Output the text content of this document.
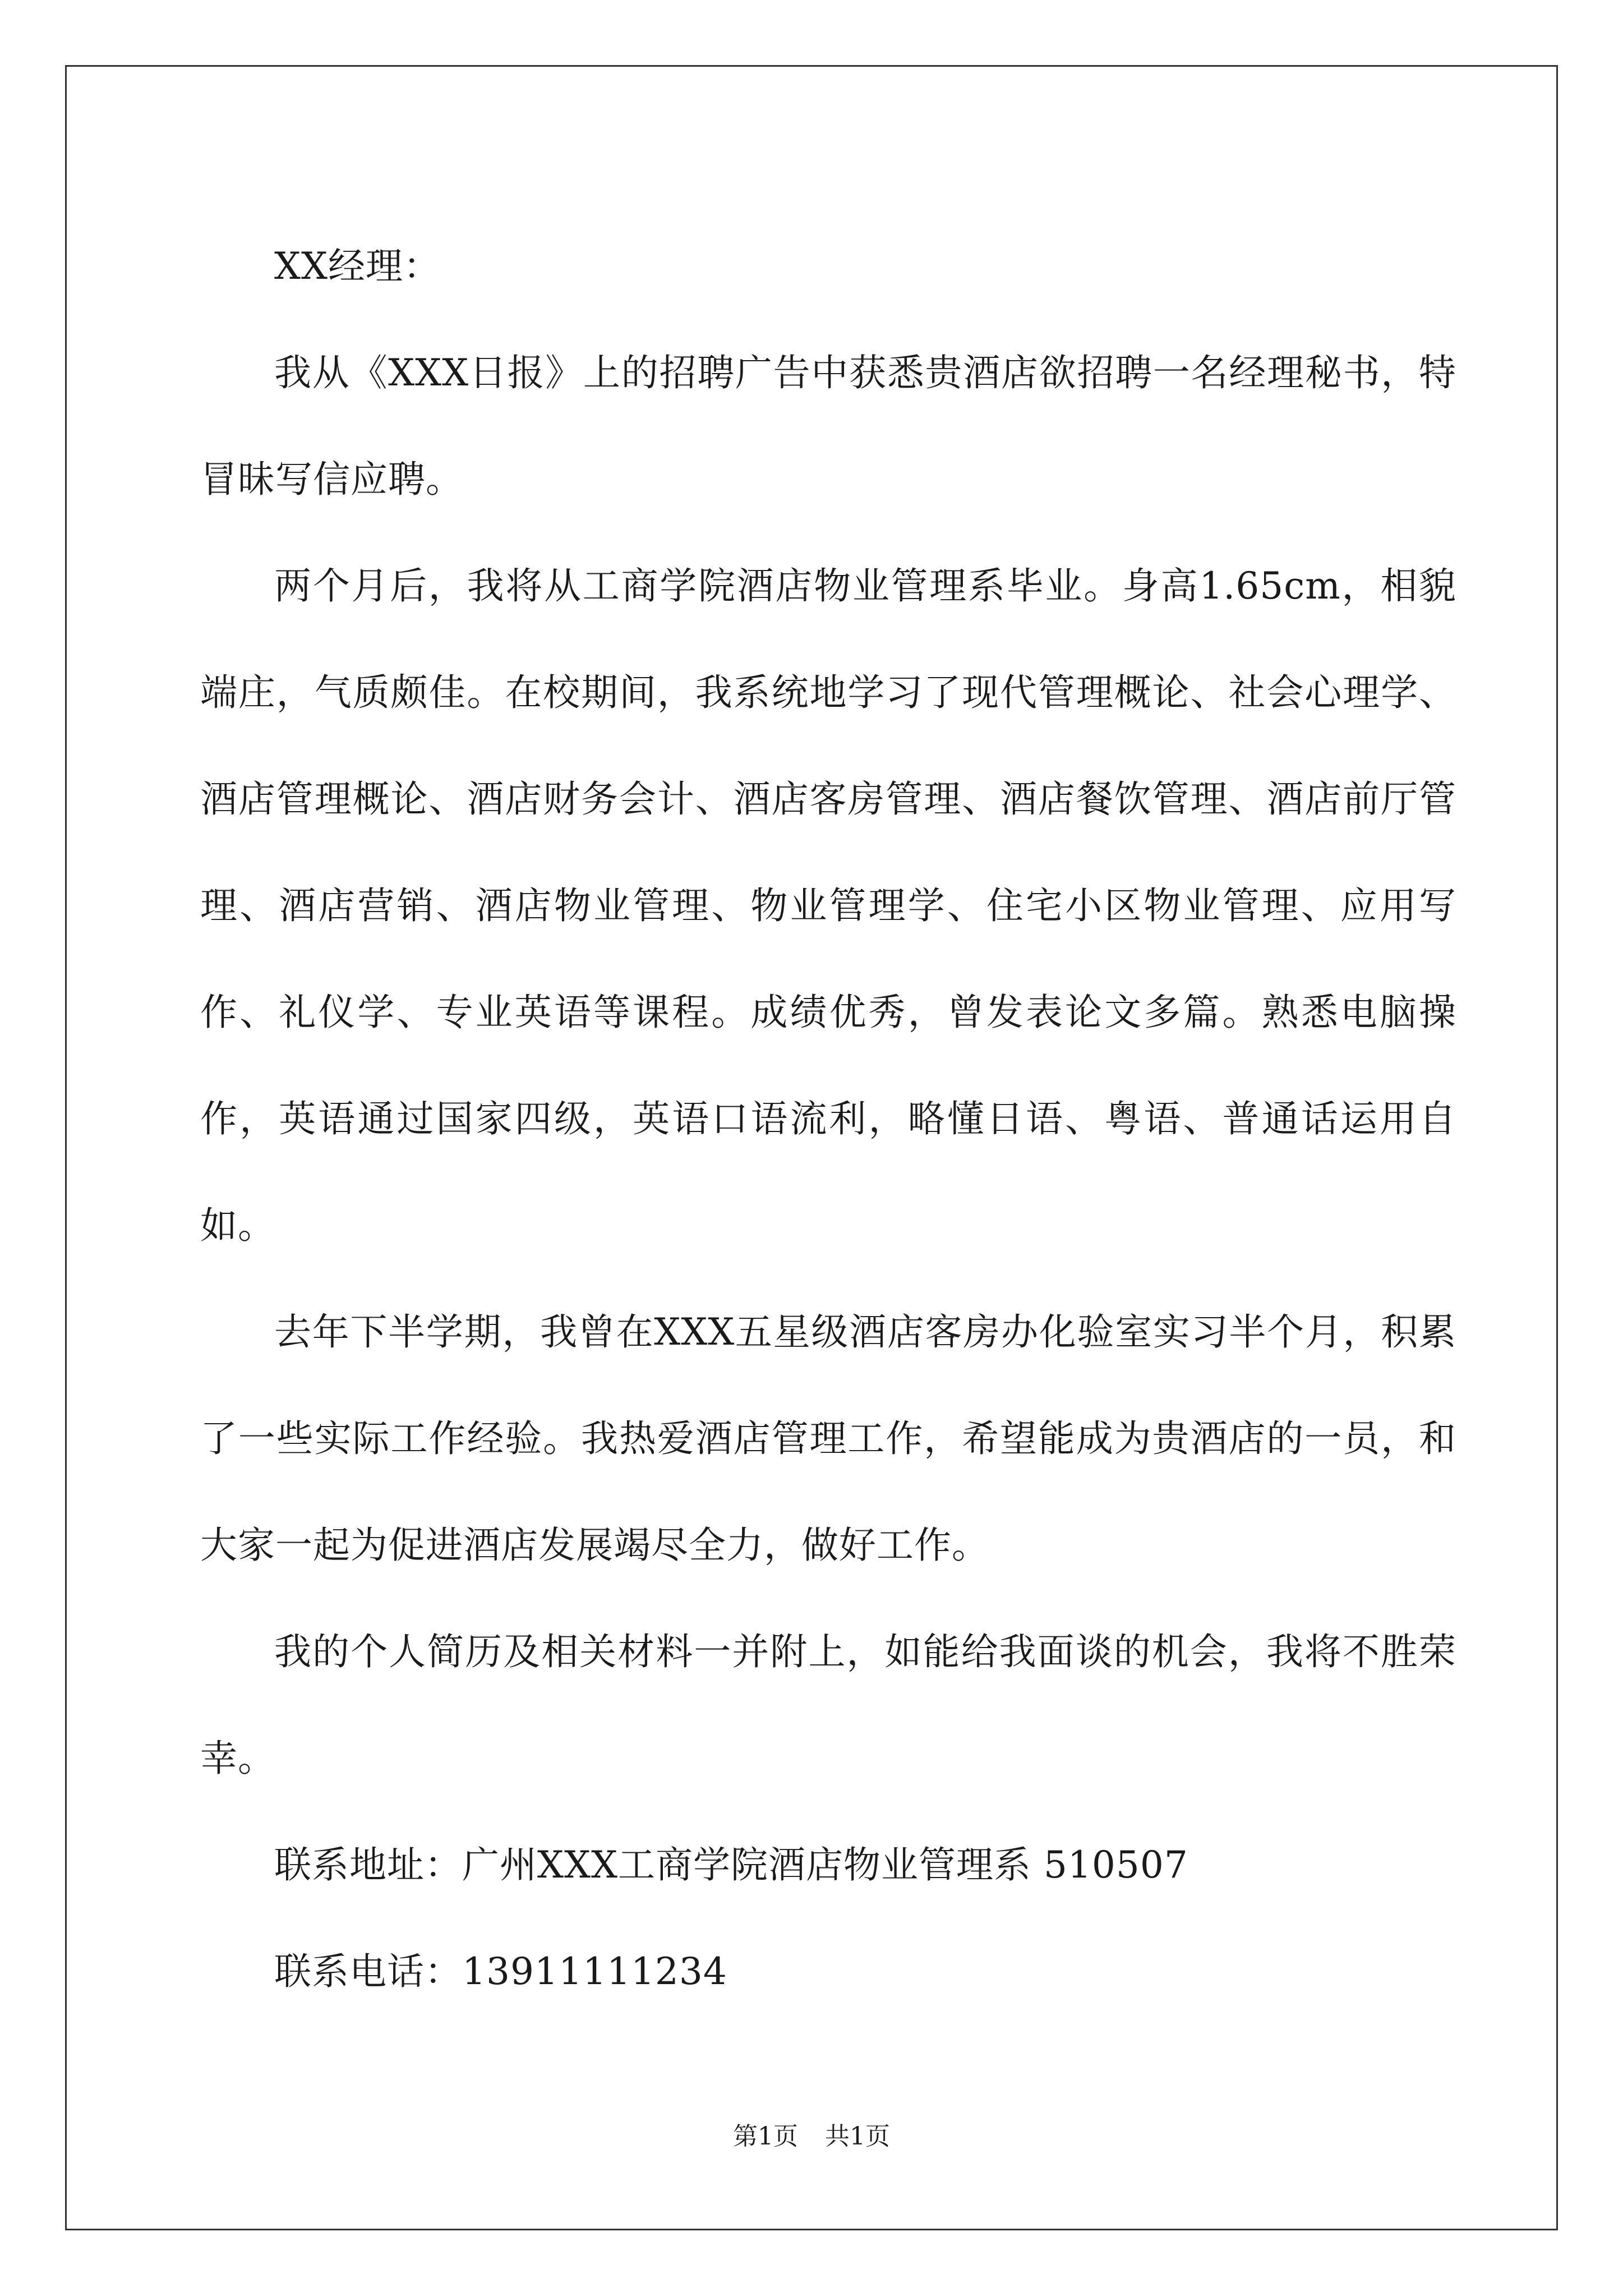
XX经理：

我从《XXX日报》上的招聘广告中获悉贵酒店欲招聘一名经理秘书，特冒昧写信应聘。

两个月后，我将从工商学院酒店物业管理系毕业。身高1.65cm，相貌端庄，气质颇佳。在校期间，我系统地学习了现代管理概论、社会心理学、酒店管理概论、酒店财务会计、酒店客房管理、酒店餐饮管理、酒店前厅管理、酒店营销、酒店物业管理、物业管理学、住宅小区物业管理、应用写作、礼仪学、专业英语等课程。成绩优秀，曾发表论文多篇。熟悉电脑操作，英语通过国家四级，英语口语流利，略懂日语、粤语、普通话运用自如。

去年下半学期，我曾在XXX五星级酒店客房办化验室实习半个月，积累了一些实际工作经验。我热爱酒店管理工作，希望能成为贵酒店的一员，和大家一起为促进酒店发展竭尽全力，做好工作。

我的个人简历及相关材料一并附上，如能给我面谈的机会，我将不胜荣幸。

联系地址：广州XXX工商学院酒店物业管理系 510507

联系电话：13911111234

第1页 共1页
